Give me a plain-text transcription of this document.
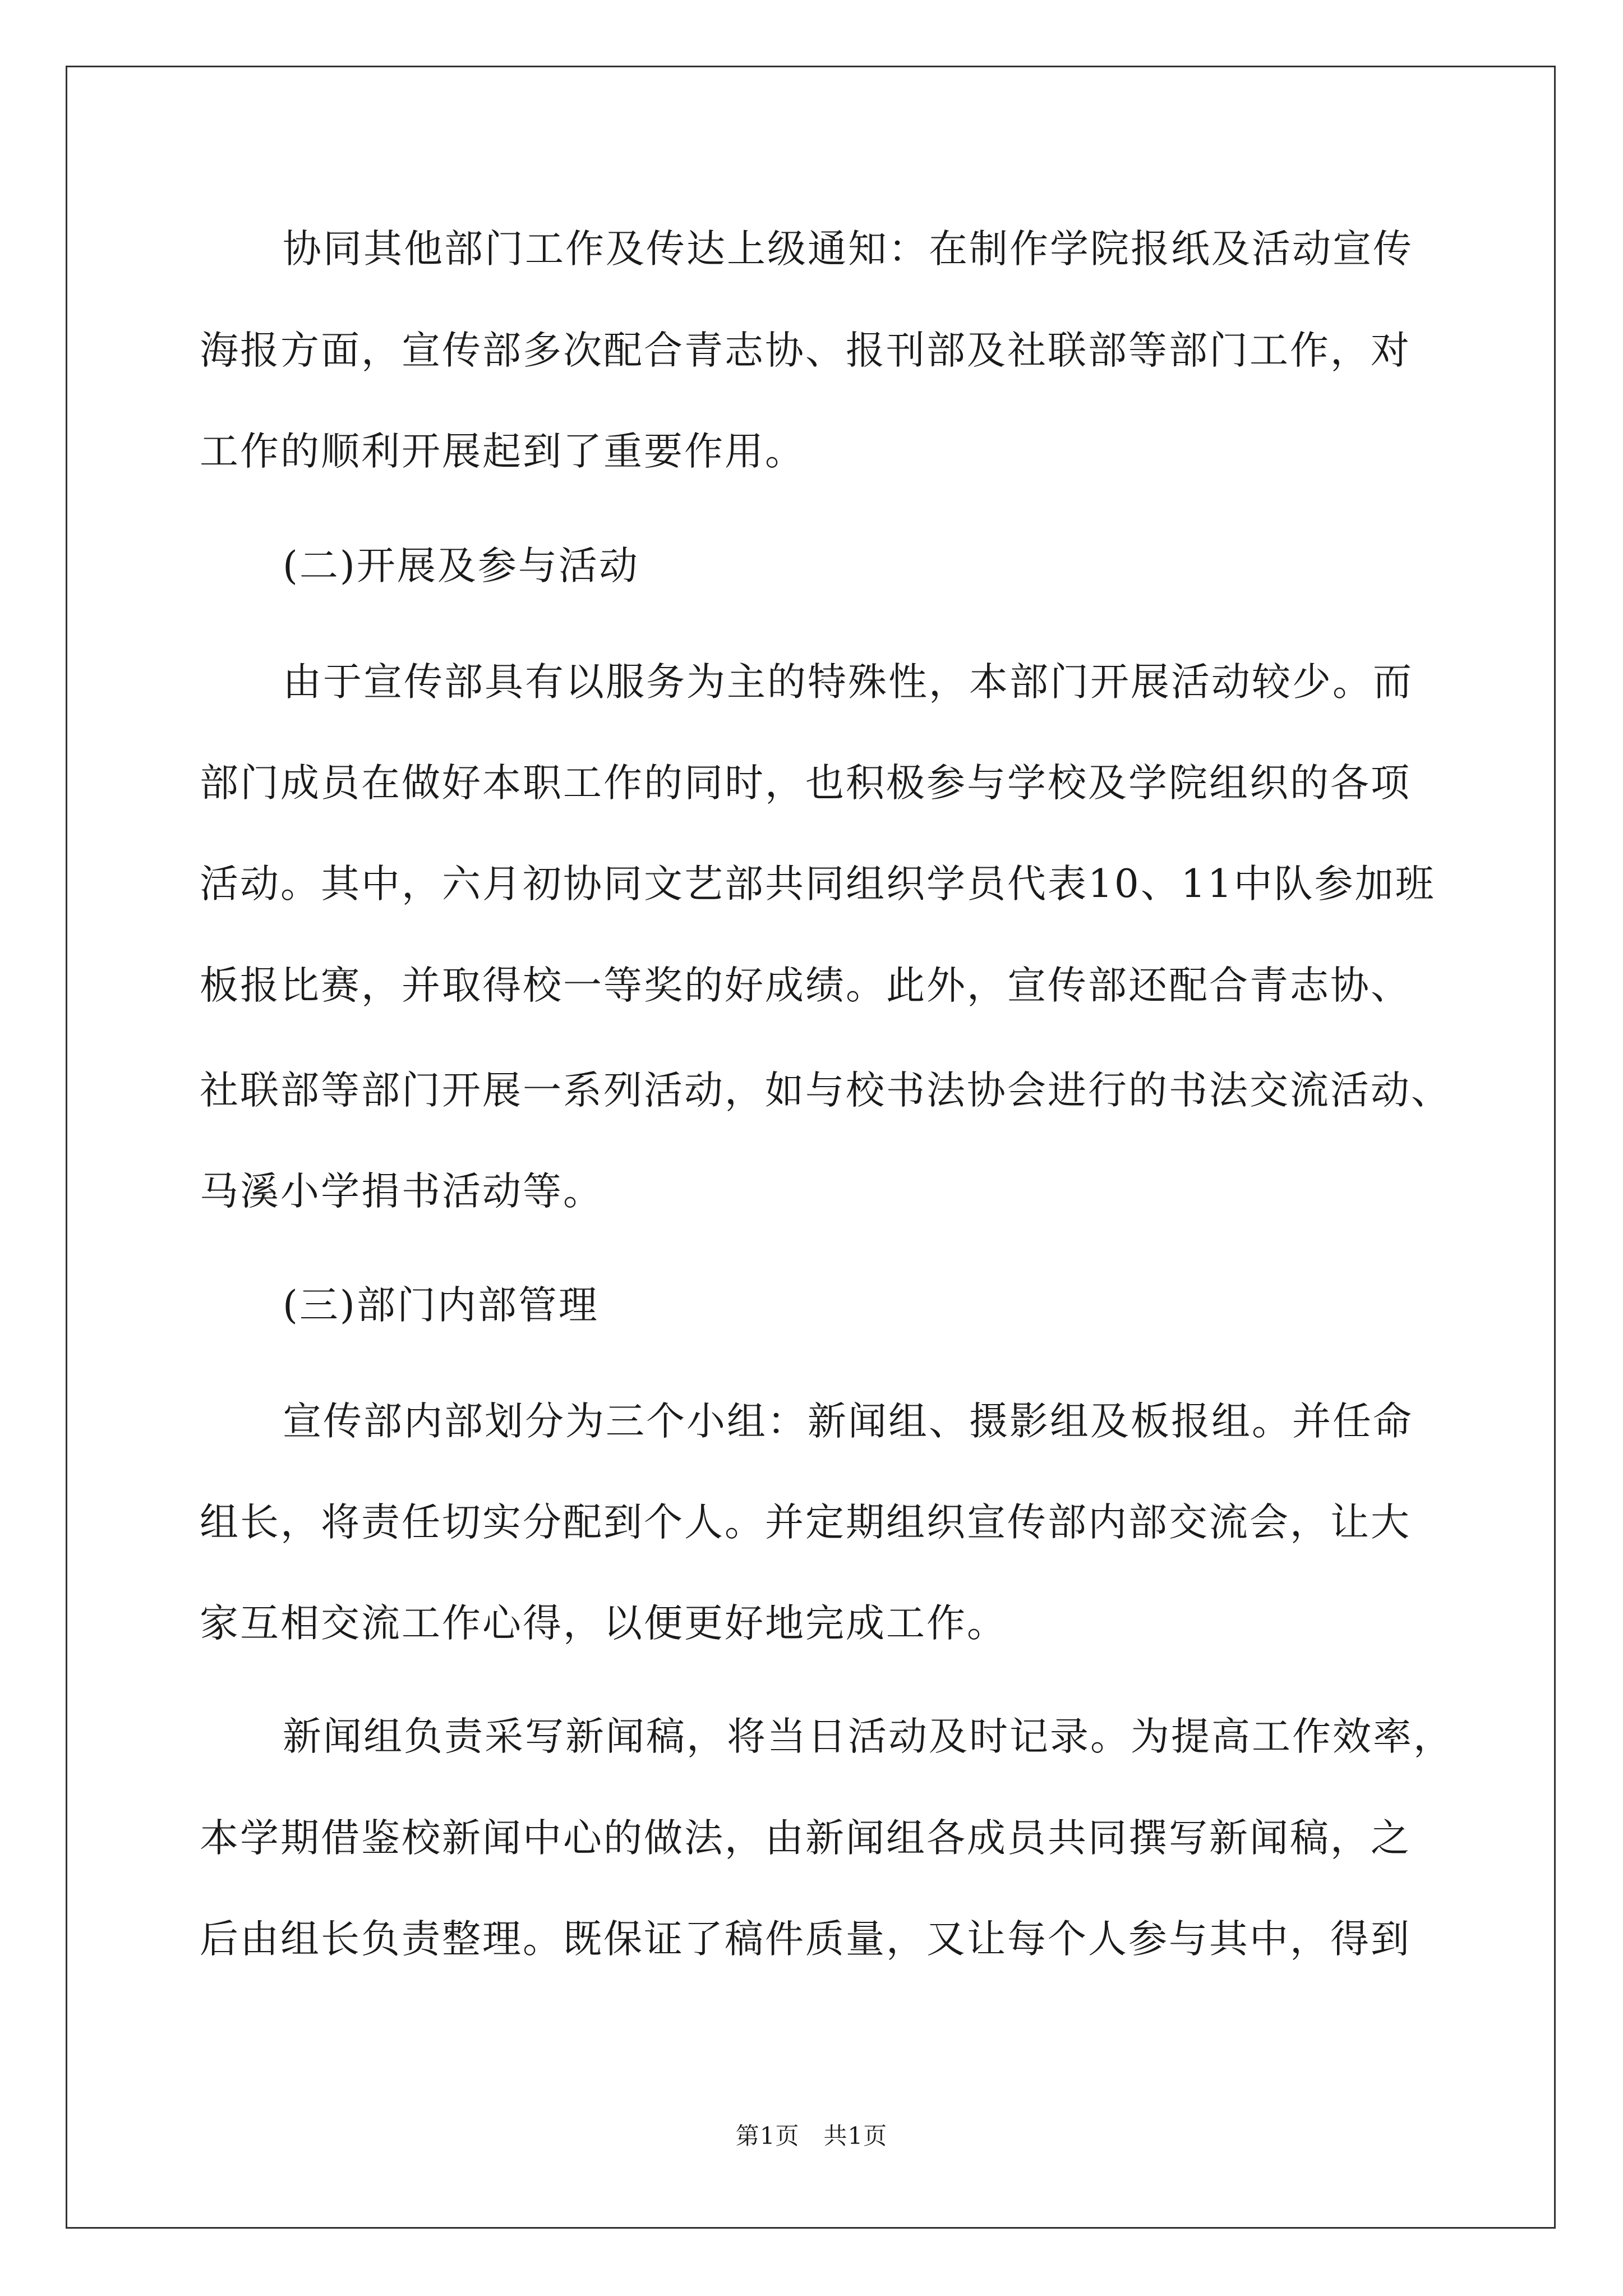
协同其他部门工作及传达上级通知：在制作学院报纸及活动宣传
海报方面，宣传部多次配合青志协、报刊部及社联部等部门工作，对
工作的顺利开展起到了重要作用。
(二)开展及参与活动
由于宣传部具有以服务为主的特殊性，本部门开展活动较少。而
部门成员在做好本职工作的同时，也积极参与学校及学院组织的各项
活动。其中，六月初协同文艺部共同组织学员代表10、11中队参加班
板报比赛，并取得校一等奖的好成绩。此外，宣传部还配合青志协、
社联部等部门开展一系列活动，如与校书法协会进行的书法交流活动、
马溪小学捐书活动等。
(三)部门内部管理
宣传部内部划分为三个小组：新闻组、摄影组及板报组。并任命
组长，将责任切实分配到个人。并定期组织宣传部内部交流会，让大
家互相交流工作心得，以便更好地完成工作。
新闻组负责采写新闻稿，将当日活动及时记录。为提高工作效率，
本学期借鉴校新闻中心的做法，由新闻组各成员共同撰写新闻稿，之
后由组长负责整理。既保证了稿件质量，又让每个人参与其中，得到
第1页　共1页
